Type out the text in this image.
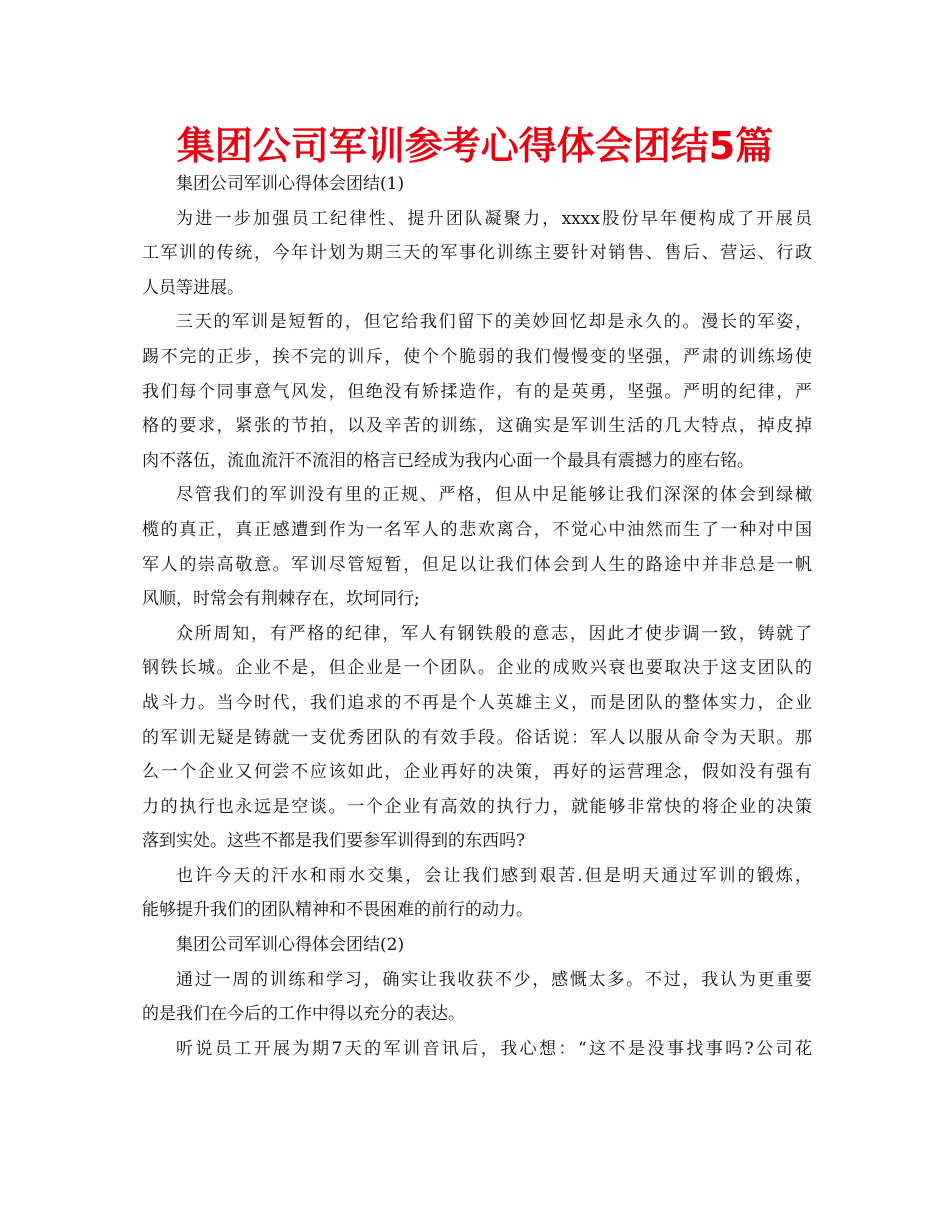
集团公司军训参考心得体会团结5篇
集团公司军训心得体会团结(1)
为进一步加强员工纪律性、提升团队凝聚力，xxxx股份早年便构成了开展员
工军训的传统，今年计划为期三天的军事化训练主要针对销售、售后、营运、行政
人员等进展。
三天的军训是短暂的，但它给我们留下的美妙回忆却是永久的。漫长的军姿，
踢不完的正步，挨不完的训斥，使个个脆弱的我们慢慢变的坚强，严肃的训练场使
我们每个同事意气风发，但绝没有矫揉造作，有的是英勇，坚强。严明的纪律，严
格的要求，紧张的节拍，以及辛苦的训练，这确实是军训生活的几大特点，掉皮掉
肉不落伍，流血流汗不流泪的格言已经成为我内心面一个最具有震撼力的座右铭。
尽管我们的军训没有里的正规、严格，但从中足能够让我们深深的体会到绿橄
榄的真正，真正感遭到作为一名军人的悲欢离合，不觉心中油然而生了一种对中国
军人的崇高敬意。军训尽管短暂，但足以让我们体会到人生的路途中并非总是一帆
风顺，时常会有荆棘存在，坎坷同行;
众所周知，有严格的纪律，军人有钢铁般的意志，因此才使步调一致，铸就了
钢铁长城。企业不是，但企业是一个团队。企业的成败兴衰也要取决于这支团队的
战斗力。当今时代，我们追求的不再是个人英雄主义，而是团队的整体实力，企业
的军训无疑是铸就一支优秀团队的有效手段。俗话说：军人以服从命令为天职。那
么一个企业又何尝不应该如此，企业再好的决策，再好的运营理念，假如没有强有
力的执行也永远是空谈。一个企业有高效的执行力，就能够非常快的将企业的决策
落到实处。这些不都是我们要参军训得到的东西吗?
也许今天的汗水和雨水交集，会让我们感到艰苦.但是明天通过军训的锻炼，
能够提升我们的团队精神和不畏困难的前行的动力。
集团公司军训心得体会团结(2)
通过一周的训练和学习，确实让我收获不少，感慨太多。不过，我认为更重要
的是我们在今后的工作中得以充分的表达。
听说员工开展为期7天的军训音讯后，我心想：“这不是没事找事吗?公司花
